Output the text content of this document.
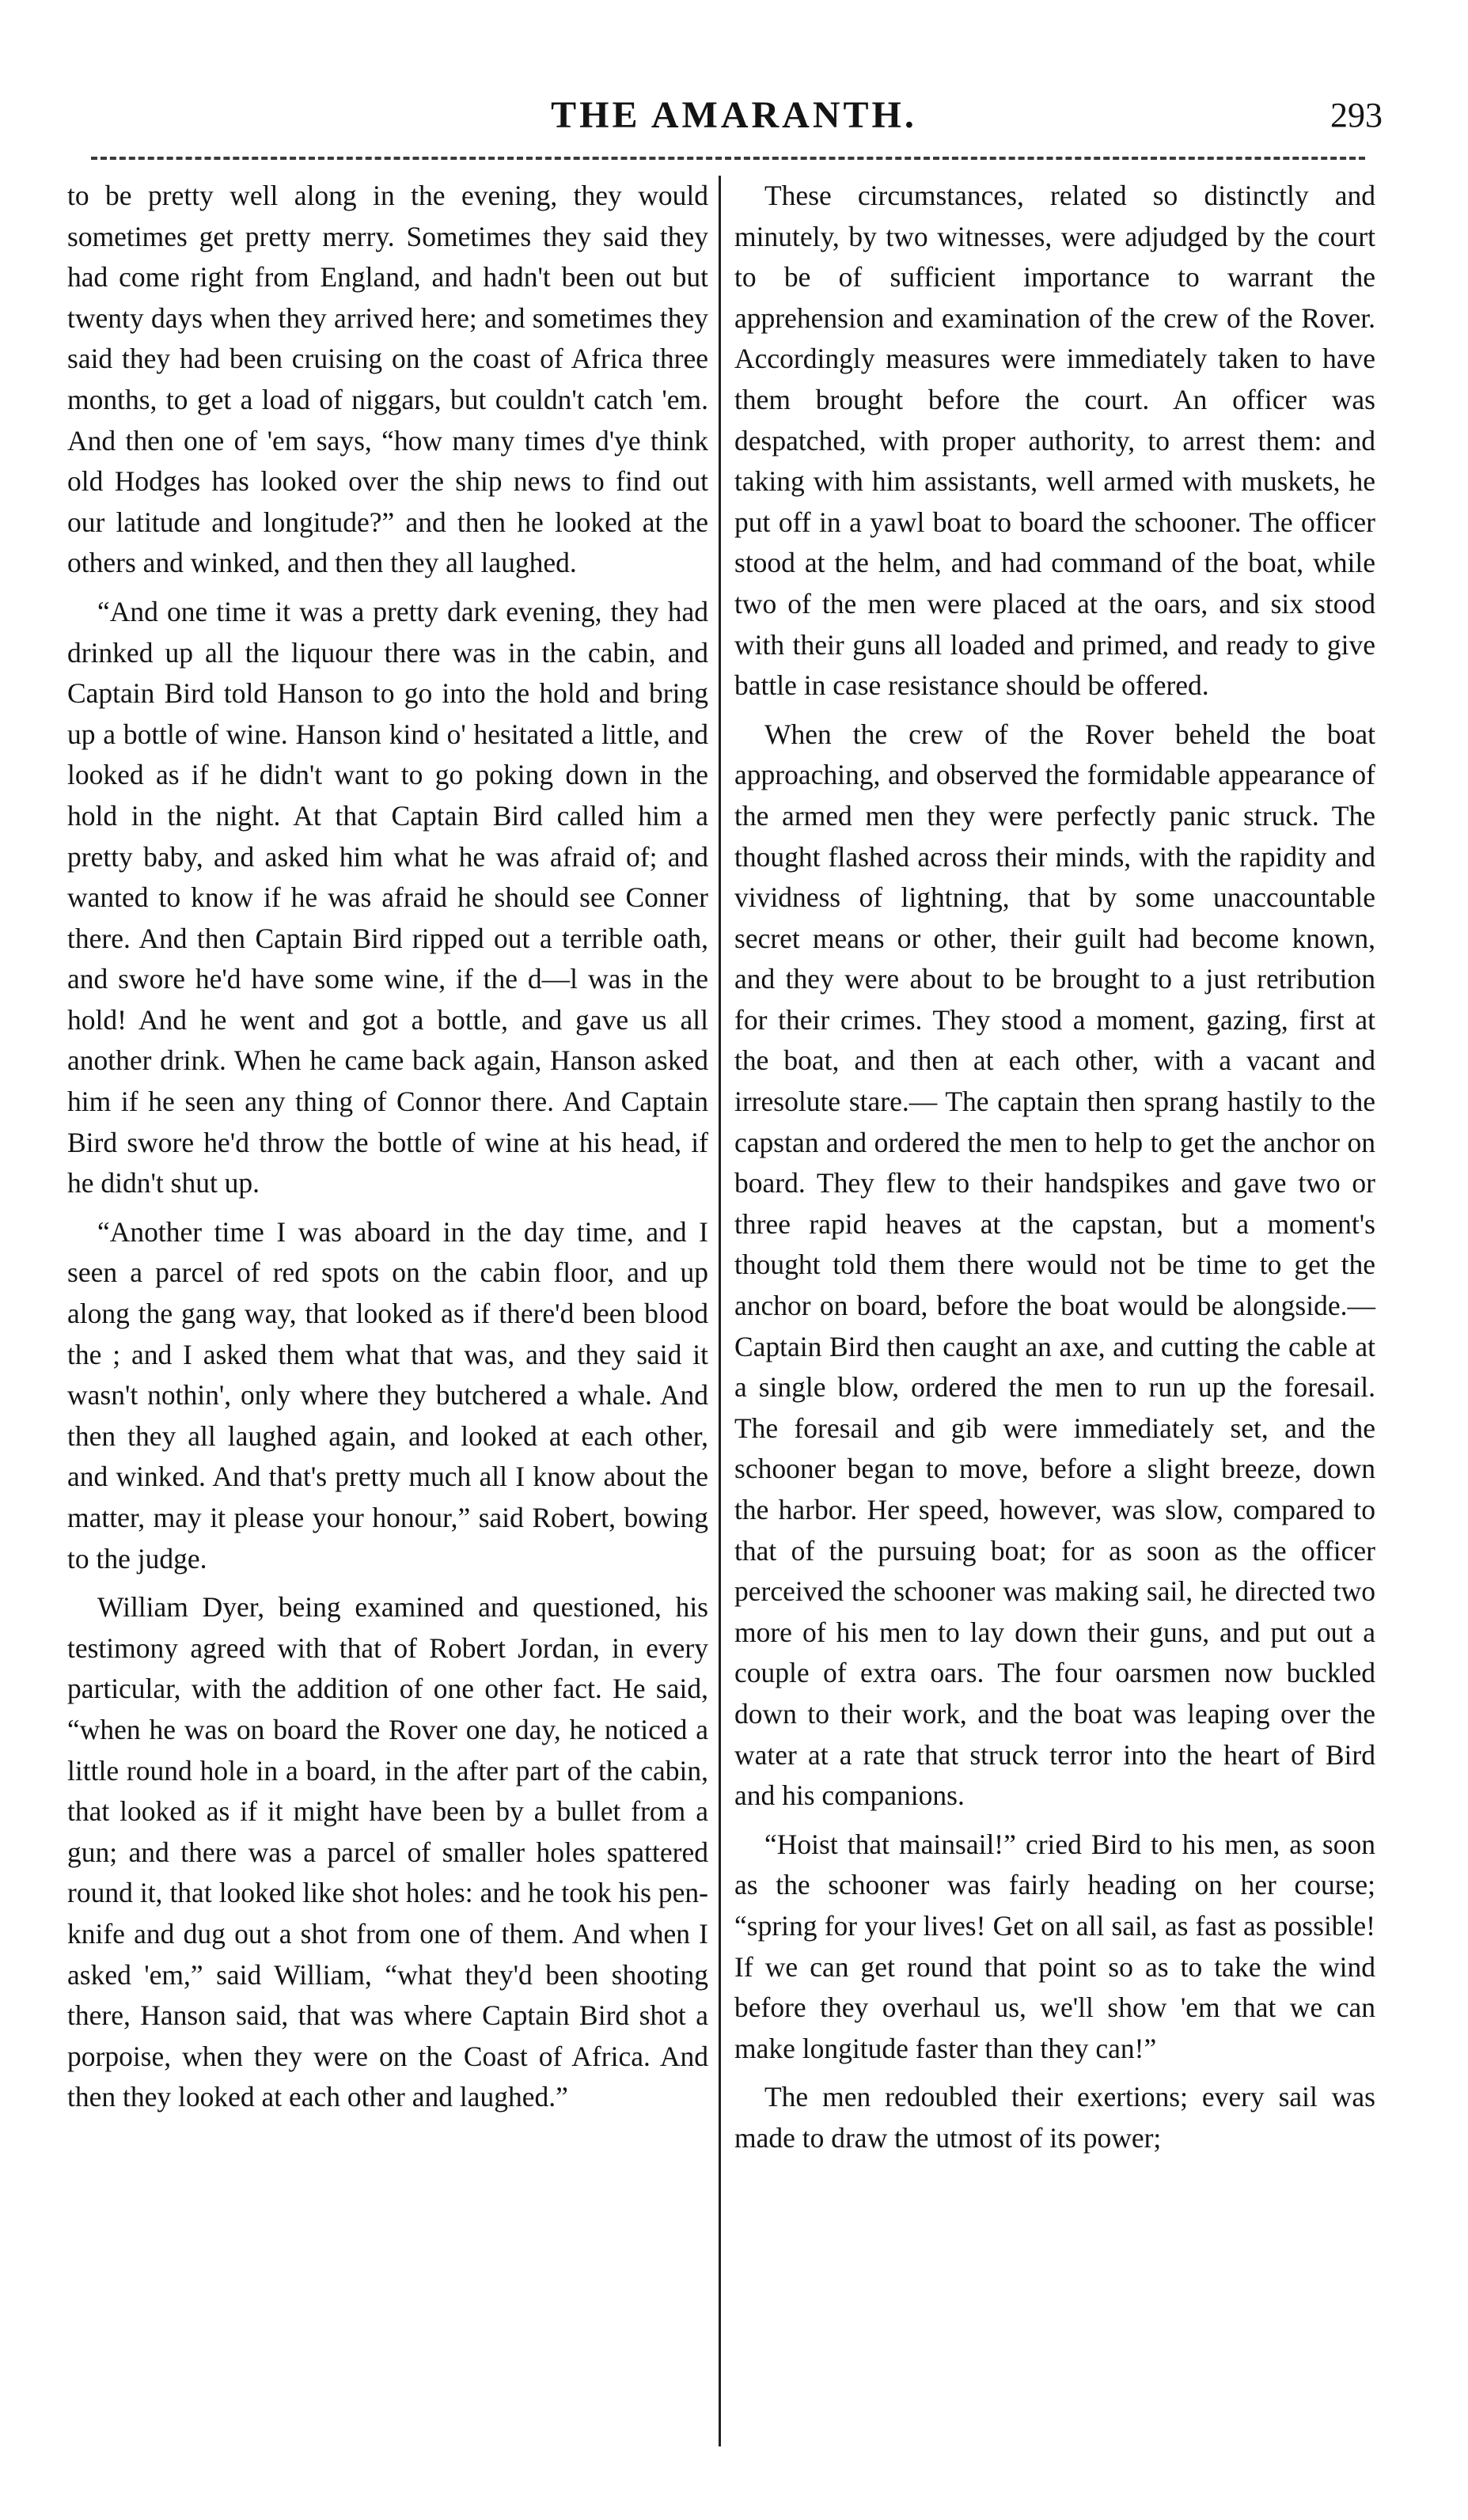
THE AMARANTH.	293

to be pretty well along in the evening, they would sometimes get pretty merry. Sometimes they said they had come right from England, and hadn't been out but twenty days when they arrived here; and sometimes they said they had been cruising on the coast of Africa three months, to get a load of niggars, but couldn't catch 'em. And then one of 'em says, “how many times d'ye think old Hodges has looked over the ship news to find out our latitude and longitude?” and then he looked at the others and winked, and then they all laughed.

“And one time it was a pretty dark evening, they had drinked up all the liquour there was in the cabin, and Captain Bird told Hanson to go into the hold and bring up a bottle of wine. Hanson kind o' hesitated a little, and looked as if he didn't want to go poking down in the hold in the night. At that Captain Bird called him a pretty baby, and asked him what he was afraid of; and wanted to know if he was afraid he should see Conner there. And then Captain Bird ripped out a terrible oath, and swore he'd have some wine, if the d—l was in the hold! And he went and got a bottle, and gave us all another drink. When he came back again, Hanson asked him if he seen any thing of Connor there. And Captain Bird swore he'd throw the bottle of wine at his head, if he didn't shut up.

“Another time I was aboard in the day time, and I seen a parcel of red spots on the cabin floor, and up along the gang way, that looked as if there'd been blood the ; and I asked them what that was, and they said it wasn't nothin', only where they butchered a whale. And then they all laughed again, and looked at each other, and winked. And that's pretty much all I know about the matter, may it please your honour,” said Robert, bowing to the judge.

William Dyer, being examined and questioned, his testimony agreed with that of Robert Jordan, in every particular, with the addition of one other fact. He said, “when he was on board the Rover one day, he noticed a little round hole in a board, in the after part of the cabin, that looked as if it might have been by a bullet from a gun; and there was a parcel of smaller holes spattered round it, that looked like shot holes: and he took his pen-knife and dug out a shot from one of them. And when I asked 'em,” said William, “what they'd been shooting there, Hanson said, that was where Captain Bird shot a porpoise, when they were on the Coast of Africa. And then they looked at each other and laughed.”

These circumstances, related so distinctly and minutely, by two witnesses, were adjudged by the court to be of sufficient importance to warrant the apprehension and examination of the crew of the Rover. Accordingly measures were immediately taken to have them brought before the court. An officer was despatched, with proper authority, to arrest them: and taking with him assistants, well armed with muskets, he put off in a yawl boat to board the schooner. The officer stood at the helm, and had command of the boat, while two of the men were placed at the oars, and six stood with their guns all loaded and primed, and ready to give battle in case resistance should be offered.

When the crew of the Rover beheld the boat approaching, and observed the formidable appearance of the armed men they were perfectly panic struck. The thought flashed across their minds, with the rapidity and vividness of lightning, that by some unaccountable secret means or other, their guilt had become known, and they were about to be brought to a just retribution for their crimes. They stood a moment, gazing, first at the boat, and then at each other, with a vacant and irresolute stare.— The captain then sprang hastily to the capstan and ordered the men to help to get the anchor on board. They flew to their handspikes and gave two or three rapid heaves at the capstan, but a moment's thought told them there would not be time to get the anchor on board, before the boat would be alongside.— Captain Bird then caught an axe, and cutting the cable at a single blow, ordered the men to run up the foresail. The foresail and gib were immediately set, and the schooner began to move, before a slight breeze, down the harbor. Her speed, however, was slow, compared to that of the pursuing boat; for as soon as the officer perceived the schooner was making sail, he directed two more of his men to lay down their guns, and put out a couple of extra oars. The four oarsmen now buckled down to their work, and the boat was leaping over the water at a rate that struck terror into the heart of Bird and his companions.

“Hoist that mainsail!” cried Bird to his men, as soon as the schooner was fairly heading on her course; “spring for your lives! Get on all sail, as fast as possible! If we can get round that point so as to take the wind before they overhaul us, we'll show 'em that we can make longitude faster than they can!”

The men redoubled their exertions; every sail was made to draw the utmost of its power;
